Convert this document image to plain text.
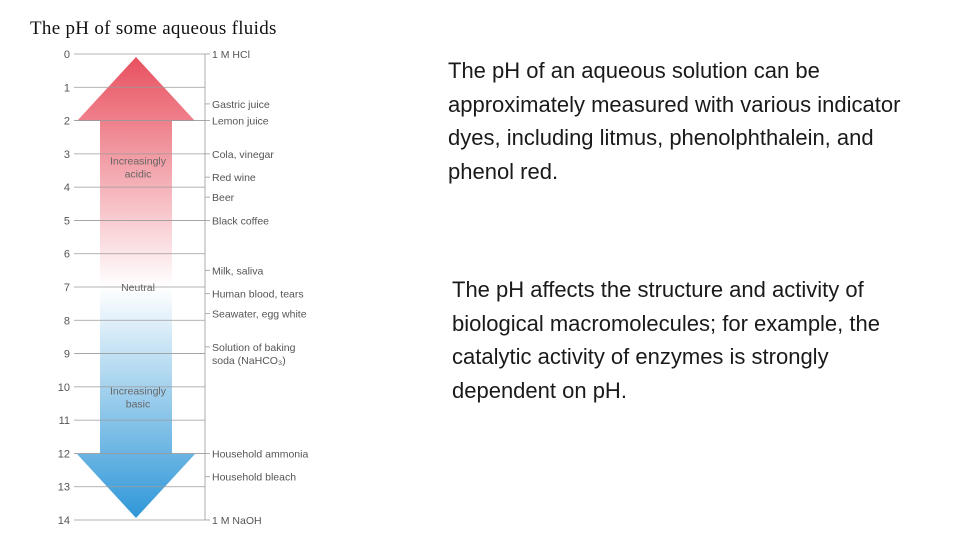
The pH of some aqueous fluids
0
1
2
3
4
5
6
7
8
9
10
11
12
13
14
1 M HCl
Gastric juice
Lemon juice
Cola, vinegar
Red wine
Beer
Black coffee
Milk, saliva
Human blood, tears
Seawater, egg white
Solution of baking
soda (NaHCO₃)
Household ammonia
Household bleach
1 M NaOH
Increasingly
acidic
Neutral
Increasingly
basic

The pH of an aqueous solution can be approximately measured with various indicator dyes, including litmus, phenolphthalein, and phenol red.

The pH affects the structure and activity of biological macromolecules; for example, the catalytic activity of enzymes is strongly dependent on pH.
